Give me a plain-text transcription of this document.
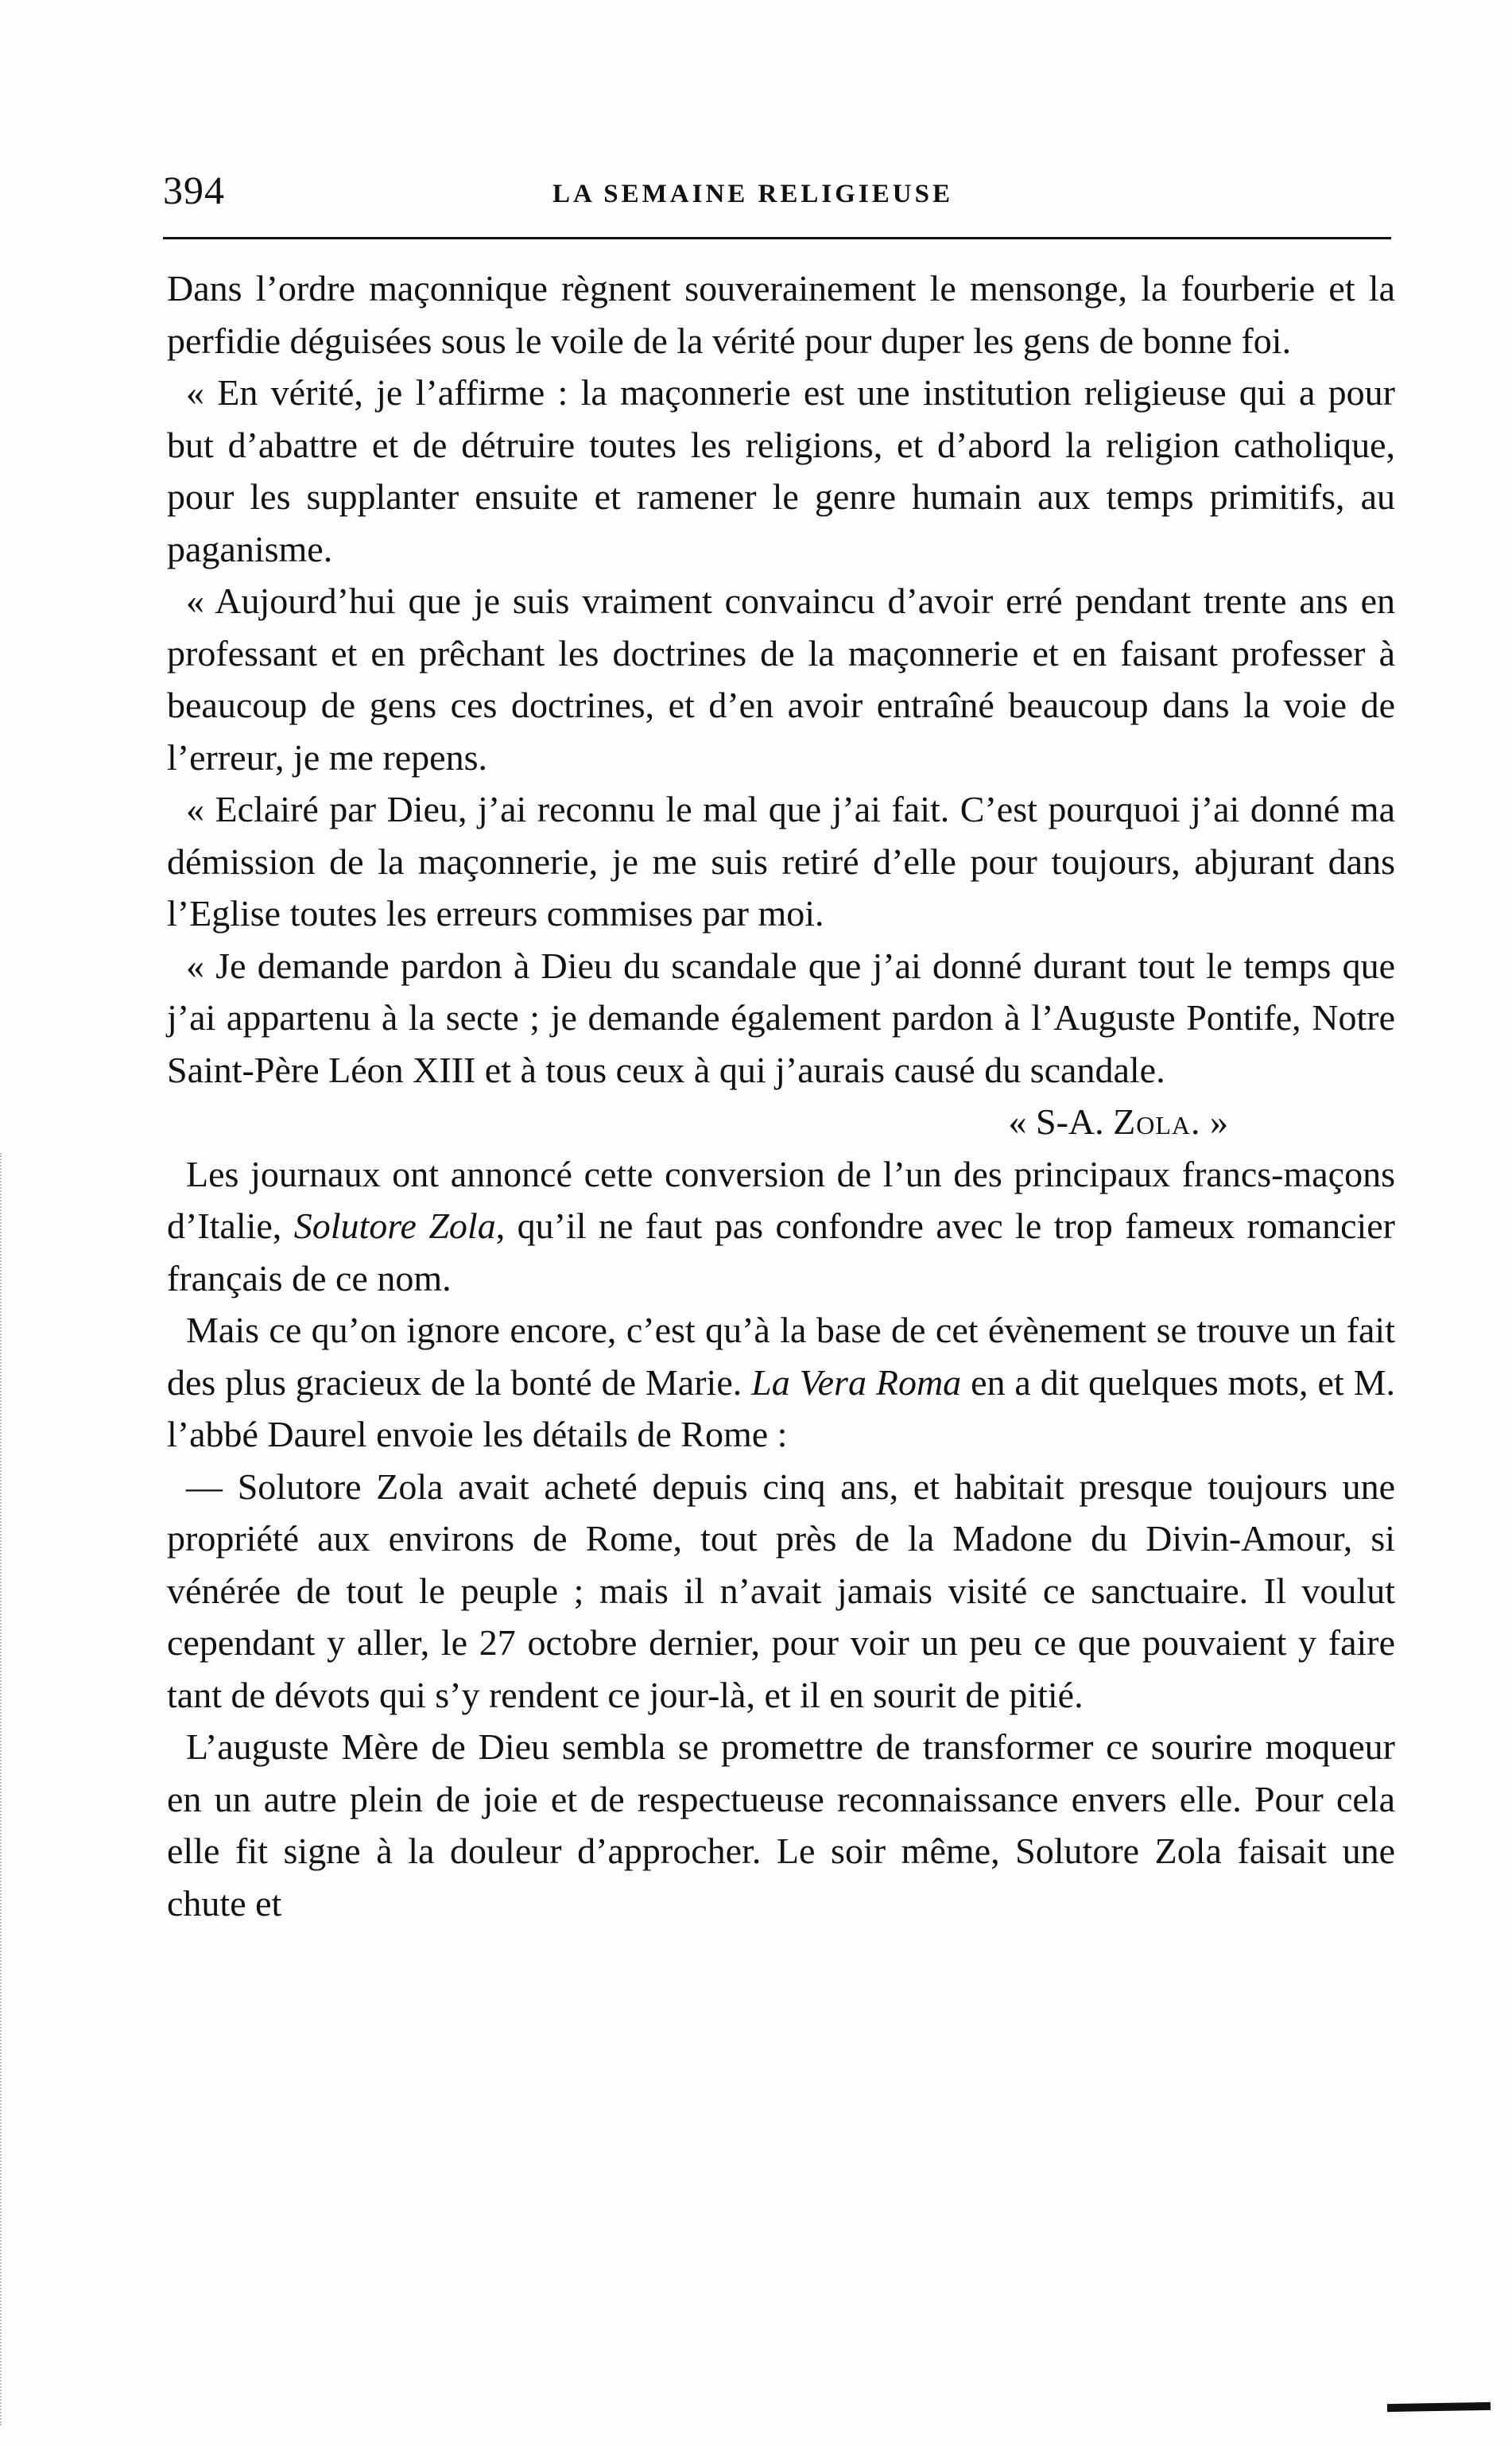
394	LA SEMAINE RELIGIEUSE

Dans l’ordre maçonnique règnent souverainement le mensonge, la fourberie et la perfidie déguisées sous le voile de la vérité pour duper les gens de bonne foi.

« En vérité, je l’affirme : la maçonnerie est une institution religieuse qui a pour but d’abattre et de détruire toutes les religions, et d’abord la religion catholique, pour les supplanter ensuite et ramener le genre humain aux temps primitifs, au paganisme.

« Aujourd’hui que je suis vraiment convaincu d’avoir erré pendant trente ans en professant et en prêchant les doctrines de la maçonnerie et en faisant professer à beaucoup de gens ces doctrines, et d’en avoir entraîné beaucoup dans la voie de l’erreur, je me repens.

« Eclairé par Dieu, j’ai reconnu le mal que j’ai fait. C’est pourquoi j’ai donné ma démission de la maçonnerie, je me suis retiré d’elle pour toujours, abjurant dans l’Eglise toutes les erreurs commises par moi.

« Je demande pardon à Dieu du scandale que j’ai donné durant tout le temps que j’ai appartenu à la secte ; je demande également pardon à l’Auguste Pontife, Notre Saint-Père Léon XIII et à tous ceux à qui j’aurais causé du scandale.

« S-A. Zola. »

Les journaux ont annoncé cette conversion de l’un des principaux francs-maçons d’Italie, Solutore Zola, qu’il ne faut pas confondre avec le trop fameux romancier français de ce nom.

Mais ce qu’on ignore encore, c’est qu’à la base de cet évènement se trouve un fait des plus gracieux de la bonté de Marie. La Vera Roma en a dit quelques mots, et M. l’abbé Daurel envoie les détails de Rome :

— Solutore Zola avait acheté depuis cinq ans, et habitait presque toujours une propriété aux environs de Rome, tout près de la Madone du Divin-Amour, si vénérée de tout le peuple ; mais il n’avait jamais visité ce sanctuaire. Il voulut cependant y aller, le 27 octobre dernier, pour voir un peu ce que pouvaient y faire tant de dévots qui s’y rendent ce jour-là, et il en sourit de pitié.

L’auguste Mère de Dieu sembla se promettre de transformer ce sourire moqueur en un autre plein de joie et de respectueuse reconnaissance envers elle. Pour cela elle fit signe à la douleur d’approcher. Le soir même, Solutore Zola faisait une chute et
